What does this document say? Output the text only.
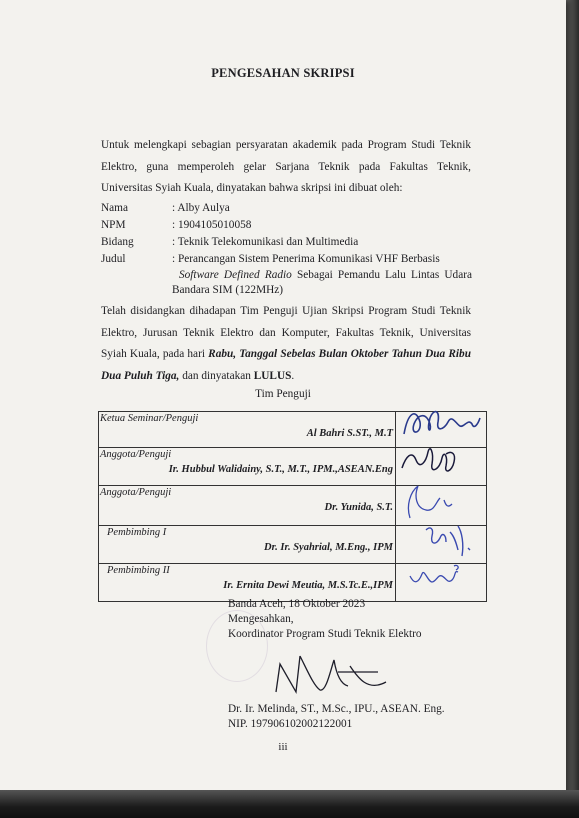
PENGESAHAN SKRIPSI
Untuk melengkapi sebagian persyaratan akademik pada Program Studi Teknik Elektro, guna memperoleh gelar Sarjana Teknik pada Fakultas Teknik, Universitas Syiah Kuala, dinyatakan bahwa skripsi ini dibuat oleh:
Nama	: Alby Aulya
NPM	: 1904105010058
Bidang	: Teknik Telekomunikasi dan Multimedia
Judul	: Perancangan Sistem Penerima Komunikasi VHF Berbasis
Software Defined Radio Sebagai Pemandu Lalu Lintas Udara Bandara SIM (122MHz)
Telah disidangkan dihadapan Tim Penguji Ujian Skripsi Program Studi Teknik Elektro, Jurusan Teknik Elektro dan Komputer, Fakultas Teknik, Universitas Syiah Kuala, pada hari Rabu, Tanggal Sebelas Bulan Oktober Tahun Dua Ribu Dua Puluh Tiga, dan dinyatakan LULUS.
Tim Penguji
Ketua Seminar/Penguji
Al Bahri S.ST., M.T

Anggota/Penguji
Ir. Hubbul Walidainy, S.T., M.T., IPM.,ASEAN.Eng

Anggota/Penguji
Dr. Yunida, S.T.

Pembimbing I
Dr. Ir. Syahrial, M.Eng., IPM

Pembimbing II
Ir. Ernita Dewi Meutia, M.S.Tc.E.,IPM

Banda Aceh, 18 Oktober 2023
Mengesahkan,
Koordinator Program Studi Teknik Elektro
Dr. Ir. Melinda, ST., M.Sc., IPU., ASEAN. Eng.
NIP. 197906102002122001
iii
